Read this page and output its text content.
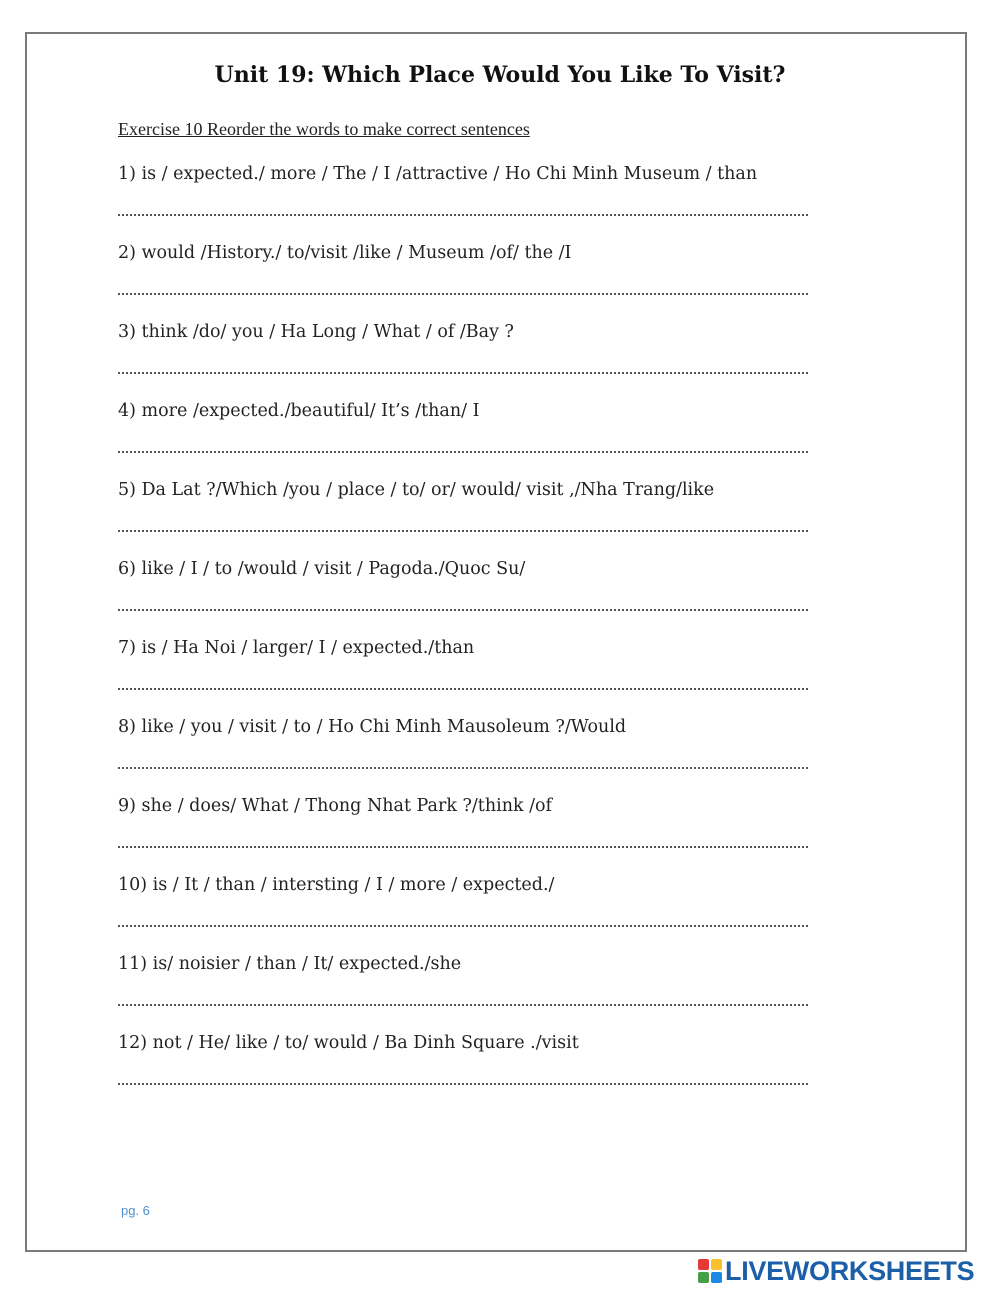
Unit 19: Which Place Would You Like To Visit?
Exercise 10 Reorder the words to make correct sentences
1) is / expected./ more / The / I /attractive / Ho Chi Minh Museum / than
2) would /History./ to/visit /like / Museum /of/ the /I
3) think /do/ you / Ha Long / What / of /Bay ?
4) more /expected./beautiful/ It’s /than/ I
5) Da Lat ?/Which /you / place / to/ or/ would/ visit ,/Nha Trang/like
6) like / I / to /would / visit / Pagoda./Quoc Su/
7) is / Ha Noi / larger/ I / expected./than
8) like / you / visit / to / Ho Chi Minh Mausoleum ?/Would
9) she / does/ What / Thong Nhat Park ?/think /of
10) is / It / than / intersting / I / more / expected./
11) is/ noisier / than / It/ expected./she
12) not / He/ like / to/ would / Ba Dinh Square ./visit
pg. 6
LIVEWORKSHEETS
